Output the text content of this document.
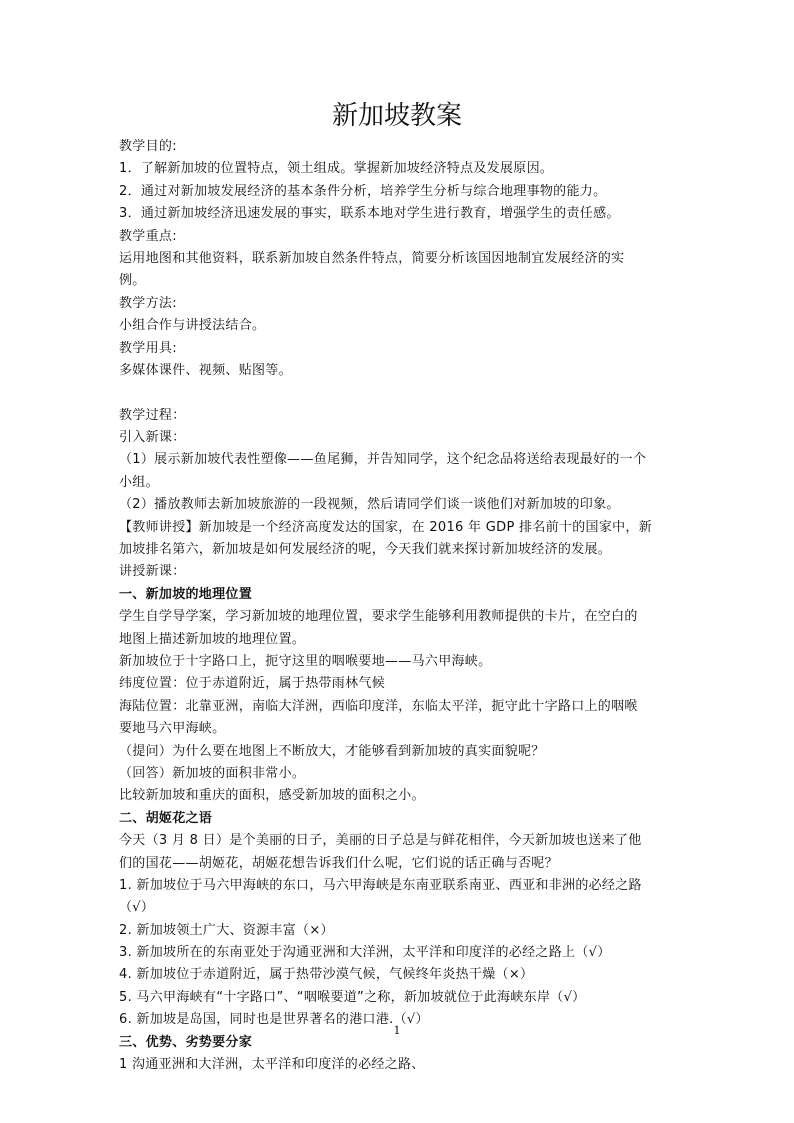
新加坡教案
教学目的:
1．了解新加坡的位置特点，领土组成。掌握新加坡经济特点及发展原因。
2．通过对新加坡发展经济的基本条件分析，培养学生分析与综合地理事物的能力。
3．通过新加坡经济迅速发展的事实，联系本地对学生进行教育，增强学生的责任感。
教学重点:
运用地图和其他资料，联系新加坡自然条件特点，简要分析该国因地制宜发展经济的实
例。
教学方法:
小组合作与讲授法结合。
教学用具:
多媒体课件、视频、贴图等。
教学过程：
引入新课：
（1）展示新加坡代表性塑像——鱼尾狮，并告知同学，这个纪念品将送给表现最好的一个
小组。
（2）播放教师去新加坡旅游的一段视频，然后请同学们谈一谈他们对新加坡的印象。
【教师讲授】新加坡是一个经济高度发达的国家，在 2016 年 GDP 排名前十的国家中，新
加坡排名第六，新加坡是如何发展经济的呢，今天我们就来探讨新加坡经济的发展。
讲授新课：
一、新加坡的地理位置
学生自学导学案，学习新加坡的地理位置，要求学生能够利用教师提供的卡片，在空白的
地图上描述新加坡的地理位置。
新加坡位于十字路口上，扼守这里的咽喉要地——马六甲海峡。
纬度位置：位于赤道附近，属于热带雨林气候
海陆位置：北靠亚洲，南临大洋洲，西临印度洋，东临太平洋，扼守此十字路口上的咽喉
要地马六甲海峡。
（提问）为什么要在地图上不断放大，才能够看到新加坡的真实面貌呢？
（回答）新加坡的面积非常小。
比较新加坡和重庆的面积，感受新加坡的面积之小。
二、胡姬花之语
今天（3 月 8 日）是个美丽的日子，美丽的日子总是与鲜花相伴，今天新加坡也送来了他
们的国花——胡姬花，胡姬花想告诉我们什么呢，它们说的话正确与否呢？
1. 新加坡位于马六甲海峡的东口，马六甲海峡是东南亚联系南亚、西亚和非洲的必经之路
（√）
2. 新加坡领土广大、资源丰富（×）
3. 新加坡所在的东南亚处于沟通亚洲和大洋洲，太平洋和印度洋的必经之路上（√）
4. 新加坡位于赤道附近，属于热带沙漠气候，气候终年炎热干燥（×）
5. 马六甲海峡有“十字路口”、“咽喉要道”之称，新加坡就位于此海峡东岸（√）
6. 新加坡是岛国，同时也是世界著名的港口港.（√）
三、优势、劣势要分家
1 沟通亚洲和大洋洲，太平洋和印度洋的必经之路、
1
